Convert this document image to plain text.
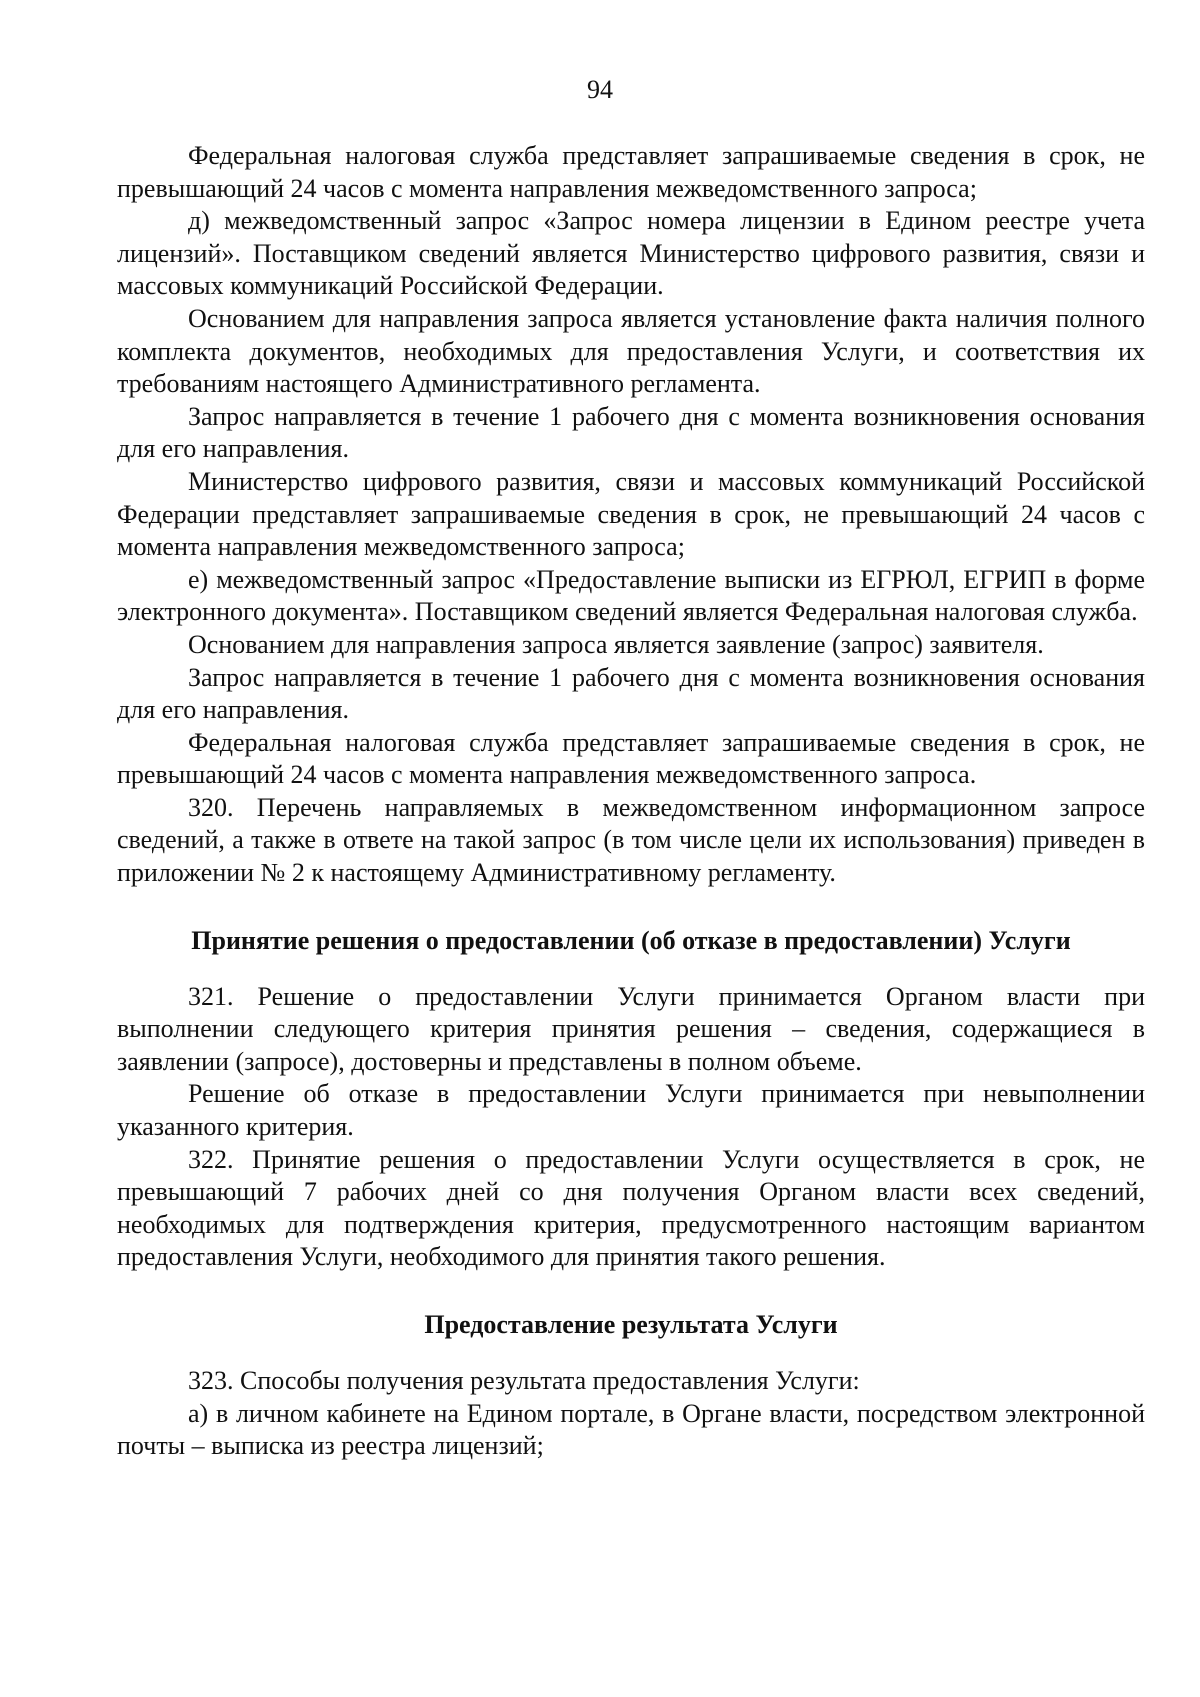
94

Федеральная налоговая служба представляет запрашиваемые сведения в срок, не превышающий 24 часов с момента направления межведомственного запроса;

д) межведомственный запрос «Запрос номера лицензии в Едином реестре учета лицензий». Поставщиком сведений является Министерство цифрового развития, связи и массовых коммуникаций Российской Федерации.

Основанием для направления запроса является установление факта наличия полного комплекта документов, необходимых для предоставления Услуги, и соответствия их требованиям настоящего Административного регламента.

Запрос направляется в течение 1 рабочего дня с момента возникновения основания для его направления.

Министерство цифрового развития, связи и массовых коммуникаций Российской Федерации представляет запрашиваемые сведения в срок, не превышающий 24 часов с момента направления межведомственного запроса;

е) межведомственный запрос «Предоставление выписки из ЕГРЮЛ, ЕГРИП в форме электронного документа». Поставщиком сведений является Федеральная налоговая служба.

Основанием для направления запроса является заявление (запрос) заявителя.

Запрос направляется в течение 1 рабочего дня с момента возникновения основания для его направления.

Федеральная налоговая служба представляет запрашиваемые сведения в срок, не превышающий 24 часов с момента направления межведомственного запроса.

320. Перечень направляемых в межведомственном информационном запросе сведений, а также в ответе на такой запрос (в том числе цели их использования) приведен в приложении № 2 к настоящему Административному регламенту.

Принятие решения о предоставлении (об отказе в предоставлении) Услуги

321. Решение о предоставлении Услуги принимается Органом власти при выполнении следующего критерия принятия решения – сведения, содержащиеся в заявлении (запросе), достоверны и представлены в полном объеме.

Решение об отказе в предоставлении Услуги принимается при невыполнении указанного критерия.

322. Принятие решения о предоставлении Услуги осуществляется в срок, не превышающий 7 рабочих дней со дня получения Органом власти всех сведений, необходимых для подтверждения критерия, предусмотренного настоящим вариантом предоставления Услуги, необходимого для принятия такого решения.

Предоставление результата Услуги

323. Способы получения результата предоставления Услуги:

а) в личном кабинете на Едином портале, в Органе власти, посредством электронной почты – выписка из реестра лицензий;
